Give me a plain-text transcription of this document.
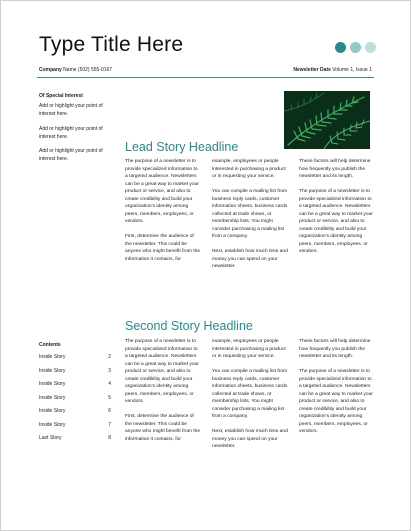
Type Title Here
Company Name (502) 555-0167	Newsletter Date Volume 1, Issue 1
Of Special Interest
Add or highlight your point of interest here.
Add or highlight your point of interest here.
Add or highlight your point of interest here.
Lead Story Headline

The purpose of a newsletter is to provide specialized information to a targeted audience. Newsletters can be a great way to market your product or service, and also to create credibility and build your organization's identity among peers, members, employees, or vendors.

First, determine the audience of the newsletter. This could be anyone who might benefit from the information it contains, for

example, employees or people interested in purchasing a product or in requesting your service.

You can compile a mailing list from business reply cards, customer information sheets, business cards collected at trade shows, or membership lists. You might consider purchasing a mailing list from a company.

Next, establish how much time and money you can spend on your newsletter.

These factors will help determine how frequently you publish the newsletter and its length.

The purpose of a newsletter is to provide specialized information to a targeted audience. Newsletters can be a great way to market your product or service, and also to create credibility and build your organization's identity among peers, members, employees, or vendors.

Second Story Headline

The purpose of a newsletter is to provide specialized information to a targeted audience. Newsletters can be a great way to market your product or service, and also to create credibility and build your organization's identity among peers, members, employees, or vendors.

First, determine the audience of the newsletter. This could be anyone who might benefit from the information it contains, for

example, employees or people interested in purchasing a product or in requesting your service.

You can compile a mailing list from business reply cards, customer information sheets, business cards collected at trade shows, or membership lists. You might consider purchasing a mailing list from a company.

Next, establish how much time and money you can spend on your newsletter.

These factors will help determine how frequently you publish the newsletter and its length.

The purpose of a newsletter is to provide specialized information to a targeted audience. Newsletters can be a great way to market your product or service, and also to create credibility and build your organization's identity among peers, members, employees, or vendors.

Contents
Inside Story	2
Inside Story	3
Inside Story	4
Inside Story	5
Inside Story	6
Inside Story	7
Last Story	8
